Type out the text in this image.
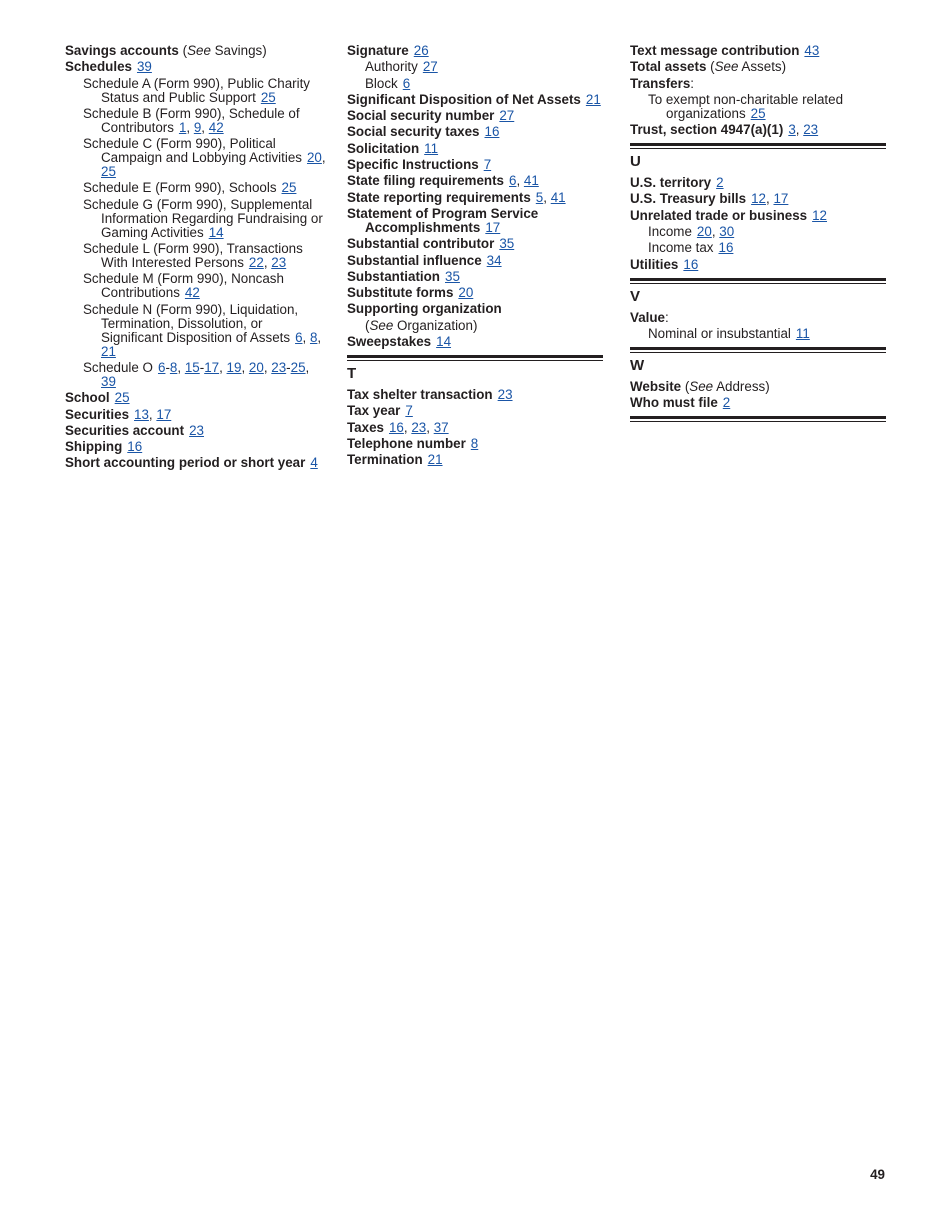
Savings accounts (See Savings)
Schedules 39
Schedule A (Form 990), Public Charity Status and Public Support 25
Schedule B (Form 990), Schedule of Contributors 1, 9, 42
Schedule C (Form 990), Political Campaign and Lobbying Activities 20, 25
Schedule E (Form 990), Schools 25
Schedule G (Form 990), Supplemental Information Regarding Fundraising or Gaming Activities 14
Schedule L (Form 990), Transactions With Interested Persons 22, 23
Schedule M (Form 990), Noncash Contributions 42
Schedule N (Form 990), Liquidation, Termination, Dissolution, or Significant Disposition of Assets 6, 8, 21
Schedule O 6-8, 15-17, 19, 20, 23-25, 39
School 25
Securities 13, 17
Securities account 23
Shipping 16
Short accounting period or short year 4
Signature 26
Authority 27
Block 6
Significant Disposition of Net Assets 21
Social security number 27
Social security taxes 16
Solicitation 11
Specific Instructions 7
State filing requirements 6, 41
State reporting requirements 5, 41
Statement of Program Service Accomplishments 17
Substantial contributor 35
Substantial influence 34
Substantiation 35
Substitute forms 20
Supporting organization
(See Organization)
Sweepstakes 14
T
Tax shelter transaction 23
Tax year 7
Taxes 16, 23, 37
Telephone number 8
Termination 21
Text message contribution 43
Total assets (See Assets)
Transfers:
To exempt non-charitable related organizations 25
Trust, section 4947(a)(1) 3, 23
U
U.S. territory 2
U.S. Treasury bills 12, 17
Unrelated trade or business 12
Income 20, 30
Income tax 16
Utilities 16
V
Value:
Nominal or insubstantial 11
W
Website (See Address)
Who must file 2
49
